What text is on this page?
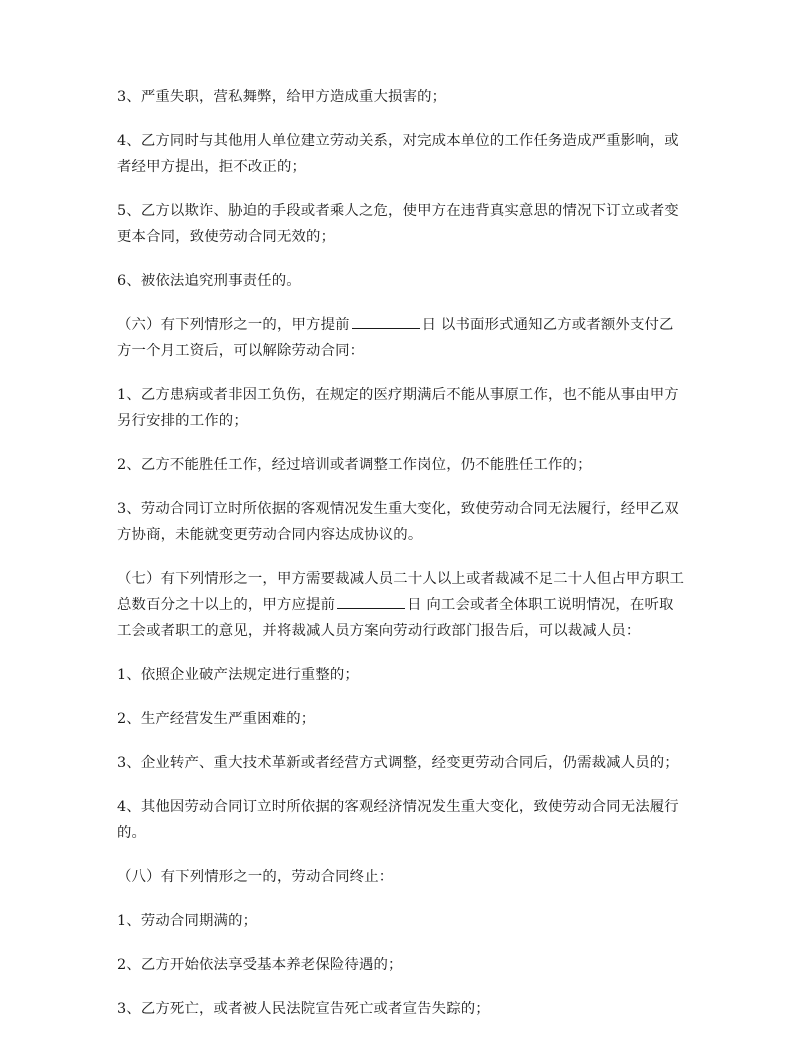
3、严重失职，营私舞弊，给甲方造成重大损害的；

4、乙方同时与其他用人单位建立劳动关系，对完成本单位的工作任务造成严重影响，或者经甲方提出，拒不改正的；

5、乙方以欺诈、胁迫的手段或者乘人之危，使甲方在违背真实意思的情况下订立或者变更本合同，致使劳动合同无效的；

6、被依法追究刑事责任的。

（六）有下列情形之一的，甲方提前	日 以书面形式通知乙方或者额外支付乙方一个月工资后，可以解除劳动合同：

1、乙方患病或者非因工负伤，在规定的医疗期满后不能从事原工作，也不能从事由甲方另行安排的工作的；

2、乙方不能胜任工作，经过培训或者调整工作岗位，仍不能胜任工作的；

3、劳动合同订立时所依据的客观情况发生重大变化，致使劳动合同无法履行，经甲乙双方协商，未能就变更劳动合同内容达成协议的。

（七）有下列情形之一，甲方需要裁减人员二十人以上或者裁减不足二十人但占甲方职工总数百分之十以上的，甲方应提前	日 向工会或者全体职工说明情况，在听取工会或者职工的意见，并将裁减人员方案向劳动行政部门报告后，可以裁减人员：

1、依照企业破产法规定进行重整的；

2、生产经营发生严重困难的；

3、企业转产、重大技术革新或者经营方式调整，经变更劳动合同后，仍需裁减人员的；

4、其他因劳动合同订立时所依据的客观经济情况发生重大变化，致使劳动合同无法履行的。

（八）有下列情形之一的，劳动合同终止：

1、劳动合同期满的；

2、乙方开始依法享受基本养老保险待遇的；

3、乙方死亡，或者被人民法院宣告死亡或者宣告失踪的；
